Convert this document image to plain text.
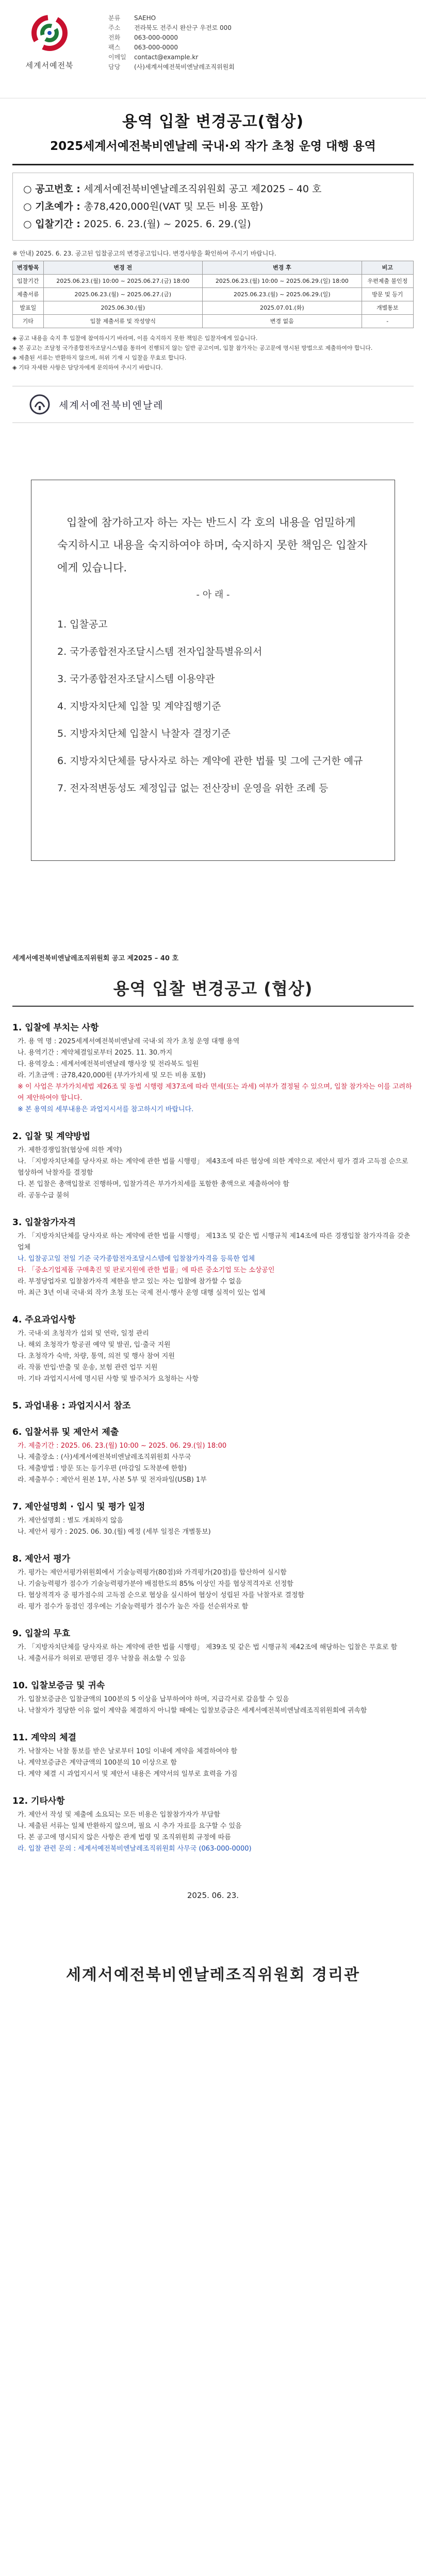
세계서예전북
분류 SAEHO
주소 전라북도 전주시 완산구 우전로 000
전화 063-000-0000
팩스 063-000-0000
이메일 contact@example.kr
담당 (사)세계서예전북비엔날레조직위원회
용역 입찰 변경공고(협상)
2025세계서예전북비엔날레 국내·외 작가 초청 운영 대행 용역
○ 공고번호 : 세계서예전북비엔날레조직위원회 공고 제2025 – 40 호
○ 기초예가 : 총78,420,000원(VAT 및 모든 비용 포함)
○ 입찰기간 : 2025. 6. 23.(월) ~ 2025. 6. 29.(일)
※ 안내) 2025. 6. 23. 공고된 입찰공고의 변경공고입니다. 변경사항을 확인하여 주시기 바랍니다.
변경항목	변경 전	변경 후	비고
입찰기간	2025.06.23.(월) 10:00 ~ 2025.06.27.(금) 18:00	2025.06.23.(월) 10:00 ~ 2025.06.29.(일) 18:00	우편제출 불인정
제출서류	2025.06.23.(월) ~ 2025.06.27.(금)	2025.06.23.(월) ~ 2025.06.29.(일)	방문 및 등기
발표일	2025.06.30.(월)	2025.07.01.(화)	개별통보
기타	입찰 제출서류 및 작성양식	변경 없음	-
◈ 공고 내용을 숙지 후 입찰에 참여하시기 바라며, 이를 숙지하지 못한 책임은 입찰자에게 있습니다.
◈ 본 공고는 조달청 국가종합전자조달시스템을 통하여 진행되지 않는 일반 공고이며, 입찰 참가자는 공고문에 명시된 방법으로 제출하여야 합니다.
◈ 제출된 서류는 반환하지 않으며, 허위 기재 시 입찰을 무효로 합니다.
◈ 기타 자세한 사항은 담당자에게 문의하여 주시기 바랍니다.
세계서예전북비엔날레
입찰에 참가하고자 하는 자는 반드시 각 호의 내용을 엄밀하게 숙지하시고 내용을 숙지하여야 하며, 숙지하지 못한 책임은 입찰자에게 있습니다.
- 아 래 -
1. 입찰공고
2. 국가종합전자조달시스템 전자입찰특별유의서
3. 국가종합전자조달시스템 이용약관
4. 지방자치단체 입찰 및 계약집행기준
5. 지방자치단체 입찰시 낙찰자 결정기준
6. 지방자치단체를 당사자로 하는 계약에 관한 법률 및 그에 근거한 예규
7. 전자적변동성도 제정입급 없는 전산장비 운영을 위한 조례 등
세계서예전북비엔날레조직위원회 공고 제2025 – 40 호
용역 입찰 변경공고 (협상)
1. 입찰에 부치는 사항

가. 용 역 명 : 2025세계서예전북비엔날레 국내·외 작가 초청 운영 대행 용역

나. 용역기간 : 계약체결일로부터 2025. 11. 30.까지

다. 용역장소 : 세계서예전북비엔날레 행사장 및 전라북도 일원

라. 기초금액 : 금78,420,000원 (부가가치세 및 모든 비용 포함)

※ 이 사업은 부가가치세법 제26조 및 동법 시행령 제37조에 따라 면세(또는 과세) 여부가 결정될 수 있으며, 입찰 참가자는 이를 고려하여 제안하여야 합니다.

※ 본 용역의 세부내용은 과업지시서를 참고하시기 바랍니다.

2. 입찰 및 계약방법

가. 제한경쟁입찰(협상에 의한 계약)

나. 「지방자치단체를 당사자로 하는 계약에 관한 법률 시행령」 제43조에 따른 협상에 의한 계약으로 제안서 평가 결과 고득점 순으로 협상하여 낙찰자를 결정함

다. 본 입찰은 총액입찰로 진행하며, 입찰가격은 부가가치세를 포함한 총액으로 제출하여야 함

라. 공동수급 불허

3. 입찰참가자격

가. 「지방자치단체를 당사자로 하는 계약에 관한 법률 시행령」 제13조 및 같은 법 시행규칙 제14조에 따른 경쟁입찰 참가자격을 갖춘 업체

나. 입찰공고일 전일 기준 국가종합전자조달시스템에 입찰참가자격을 등록한 업체

다. 「중소기업제품 구매촉진 및 판로지원에 관한 법률」에 따른 중소기업 또는 소상공인

라. 부정당업자로 입찰참가자격 제한을 받고 있는 자는 입찰에 참가할 수 없음

마. 최근 3년 이내 국내·외 작가 초청 또는 국제 전시·행사 운영 대행 실적이 있는 업체

4. 주요과업사항

가. 국내·외 초청작가 섭외 및 연락, 일정 관리

나. 해외 초청작가 항공권 예약 및 발권, 입·출국 지원

다. 초청작가 숙박, 차량, 통역, 의전 및 행사 참여 지원

라. 작품 반입·반출 및 운송, 보험 관련 업무 지원

마. 기타 과업지시서에 명시된 사항 및 발주처가 요청하는 사항

5. 과업내용 : 과업지시서 참조
6. 입찰서류 및 제안서 제출

가. 제출기간 : 2025. 06. 23.(월) 10:00 ~ 2025. 06. 29.(일) 18:00

나. 제출장소 : (사)세계서예전북비엔날레조직위원회 사무국

다. 제출방법 : 방문 또는 등기우편 (마감일 도착분에 한함)

라. 제출부수 : 제안서 원본 1부, 사본 5부 및 전자파일(USB) 1부

7. 제안설명회 · 입시 및 평가 일정

가. 제안설명회 : 별도 개최하지 않음

나. 제안서 평가 : 2025. 06. 30.(월) 예정 (세부 일정은 개별통보)

8. 제안서 평가

가. 평가는 제안서평가위원회에서 기술능력평가(80점)와 가격평가(20점)를 합산하여 실시함

나. 기술능력평가 점수가 기술능력평가분야 배점한도의 85% 이상인 자를 협상적격자로 선정함

다. 협상적격자 중 평가점수의 고득점 순으로 협상을 실시하여 협상이 성립된 자를 낙찰자로 결정함

라. 평가 점수가 동점인 경우에는 기술능력평가 점수가 높은 자를 선순위자로 함

9. 입찰의 무효

가. 「지방자치단체를 당사자로 하는 계약에 관한 법률 시행령」 제39조 및 같은 법 시행규칙 제42조에 해당하는 입찰은 무효로 함

나. 제출서류가 허위로 판명된 경우 낙찰을 취소할 수 있음

10. 입찰보증금 및 귀속

가. 입찰보증금은 입찰금액의 100분의 5 이상을 납부하여야 하며, 지급각서로 갈음할 수 있음

나. 낙찰자가 정당한 이유 없이 계약을 체결하지 아니할 때에는 입찰보증금은 세계서예전북비엔날레조직위원회에 귀속함

11. 계약의 체결

가. 낙찰자는 낙찰 통보를 받은 날로부터 10일 이내에 계약을 체결하여야 함

나. 계약보증금은 계약금액의 100분의 10 이상으로 함

다. 계약 체결 시 과업지시서 및 제안서 내용은 계약서의 일부로 효력을 가짐

12. 기타사항

가. 제안서 작성 및 제출에 소요되는 모든 비용은 입찰참가자가 부담함

나. 제출된 서류는 일체 반환하지 않으며, 필요 시 추가 자료를 요구할 수 있음

다. 본 공고에 명시되지 않은 사항은 관계 법령 및 조직위원회 규정에 따름

라. 입찰 관련 문의 : 세계서예전북비엔날레조직위원회 사무국 (063-000-0000)

2025. 06. 23.
세계서예전북비엔날레조직위원회 경리관
